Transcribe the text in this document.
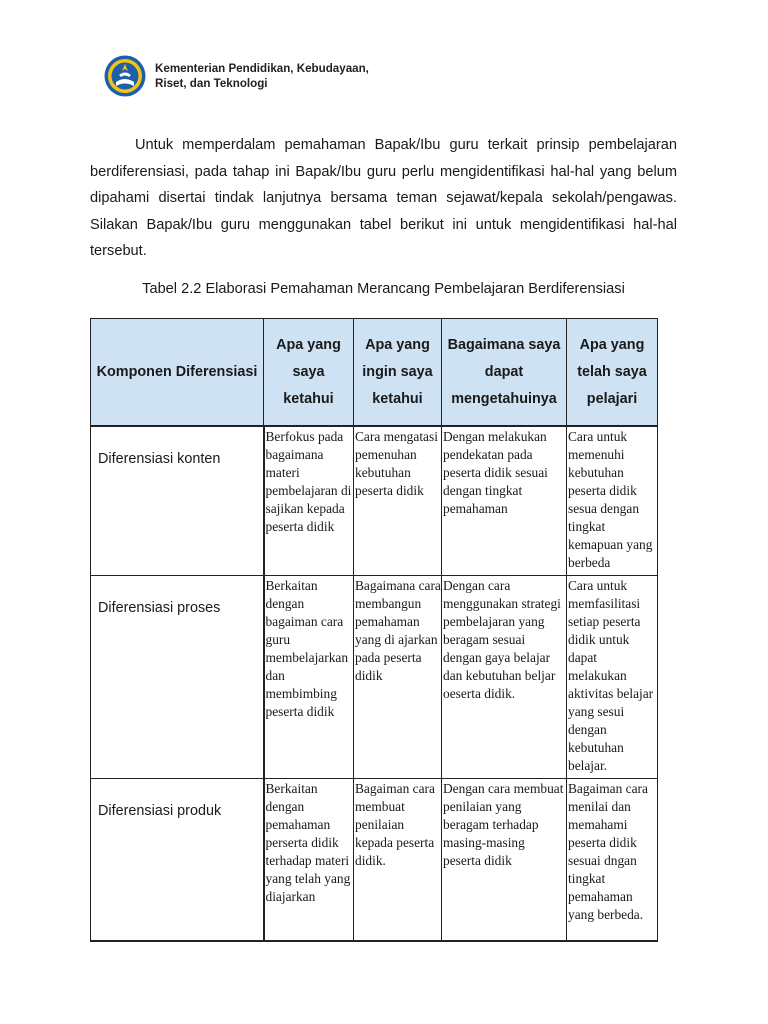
Kementerian Pendidikan, Kebudayaan,
Riset, dan Teknologi

Untuk memperdalam pemahaman Bapak/Ibu guru terkait prinsip pembelajaran berdiferensiasi, pada tahap ini Bapak/Ibu guru perlu mengidentifikasi hal-hal yang belum dipahami disertai tindak lanjutnya bersama teman sejawat/kepala sekolah/pengawas. Silakan Bapak/Ibu guru menggunakan tabel berikut ini untuk mengidentifikasi hal-hal tersebut.

Tabel 2.2 Elaborasi Pemahaman Merancang Pembelajaran Berdiferensiasi

Komponen Diferensiasi	Apa yang saya ketahui	Apa yang ingin saya ketahui	Bagaimana saya dapat mengetahuinya	Apa yang telah saya pelajari
Diferensiasi konten	Berfokus pada bagaimana materi pembelajaran di sajikan kepada peserta didik	Cara mengatasi pemenuhan kebutuhan peserta didik	Dengan melakukan pendekatan pada peserta didik sesuai dengan tingkat pemahaman	Cara untuk memenuhi kebutuhan peserta didik sesua dengan tingkat kemapuan yang berbeda
Diferensiasi proses	Berkaitan dengan bagaiman cara guru membelajarkan dan membimbing peserta didik	Bagaimana cara membangun pemahaman yang di ajarkan pada peserta didik	Dengan cara menggunakan strategi pembelajaran yang beragam sesuai dengan gaya belajar dan kebutuhan beljar oeserta didik.	Cara untuk memfasilitasi setiap peserta didik untuk dapat melakukan aktivitas belajar yang sesui dengan kebutuhan belajar.
Diferensiasi produk	Berkaitan dengan pemahaman perserta didik terhadap materi yang telah yang diajarkan	Bagaiman cara membuat penilaian kepada peserta didik.	Dengan cara membuat penilaian yang beragam terhadap masing-masing peserta didik	Bagaiman cara menilai dan memahami peserta didik sesuai dngan tingkat pemahaman yang berbeda.
